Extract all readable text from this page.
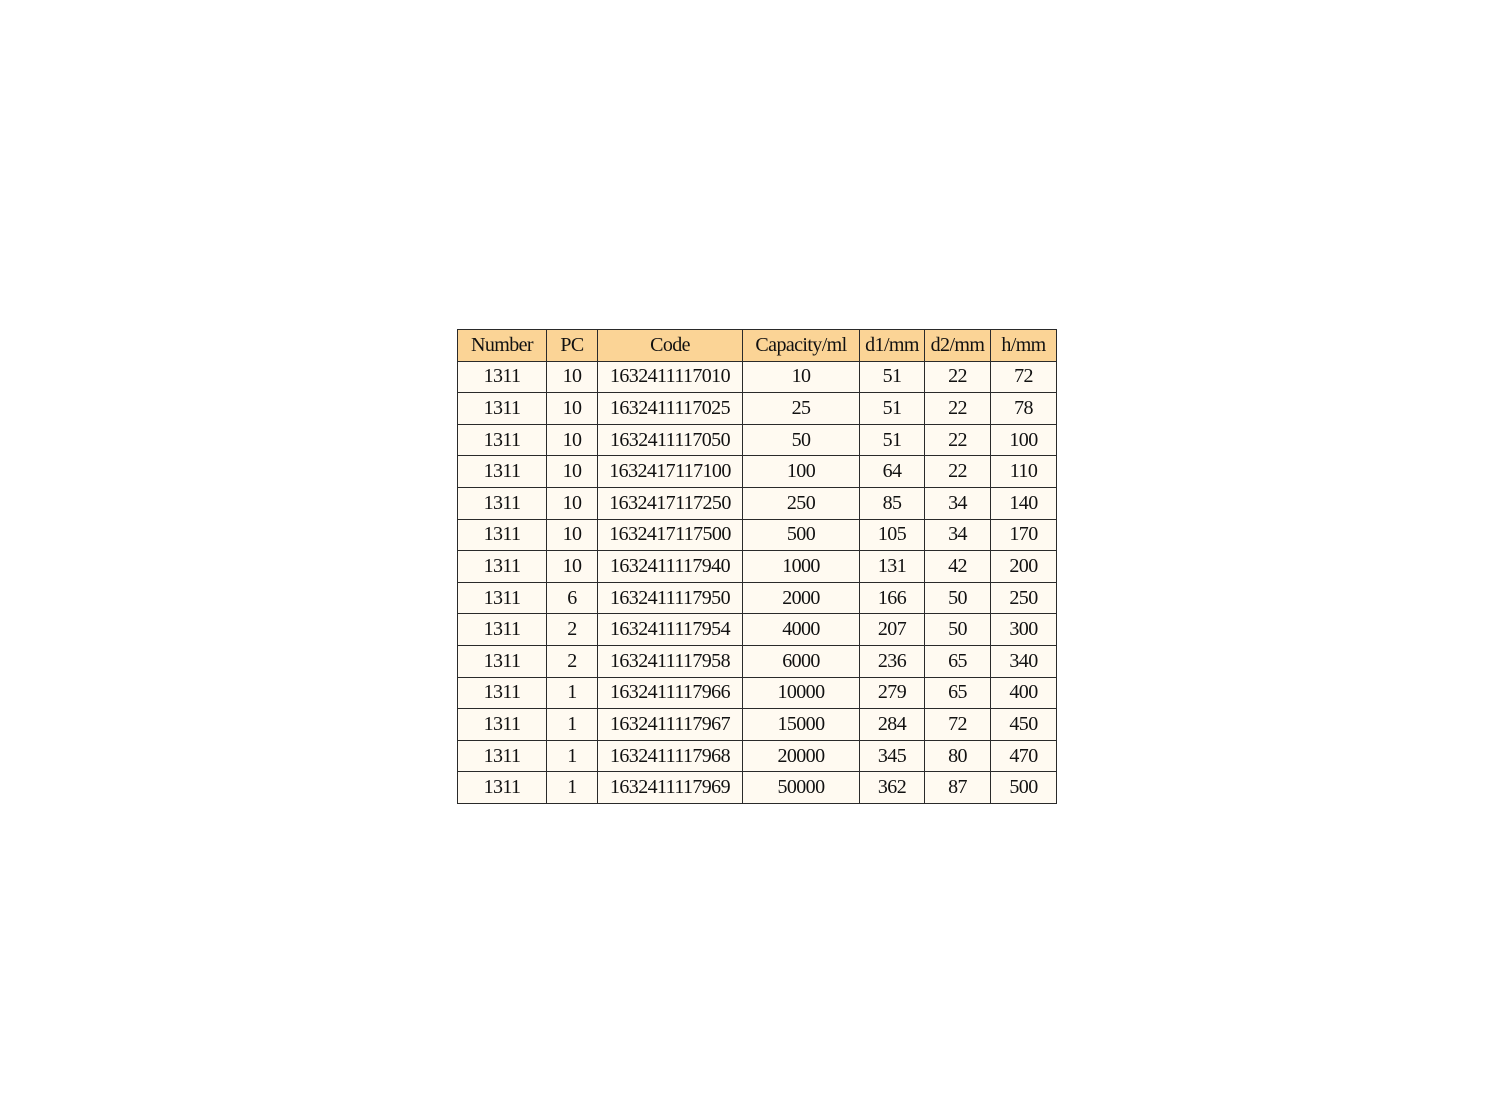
Number	PC	Code	Capacity/ml	d1/mm	d2/mm	h/mm
1311	10	1632411117010	10	51	22	72
1311	10	1632411117025	25	51	22	78
1311	10	1632411117050	50	51	22	100
1311	10	1632417117100	100	64	22	110
1311	10	1632417117250	250	85	34	140
1311	10	1632417117500	500	105	34	170
1311	10	1632411117940	1000	131	42	200
1311	6	1632411117950	2000	166	50	250
1311	2	1632411117954	4000	207	50	300
1311	2	1632411117958	6000	236	65	340
1311	1	1632411117966	10000	279	65	400
1311	1	1632411117967	15000	284	72	450
1311	1	1632411117968	20000	345	80	470
1311	1	1632411117969	50000	362	87	500
